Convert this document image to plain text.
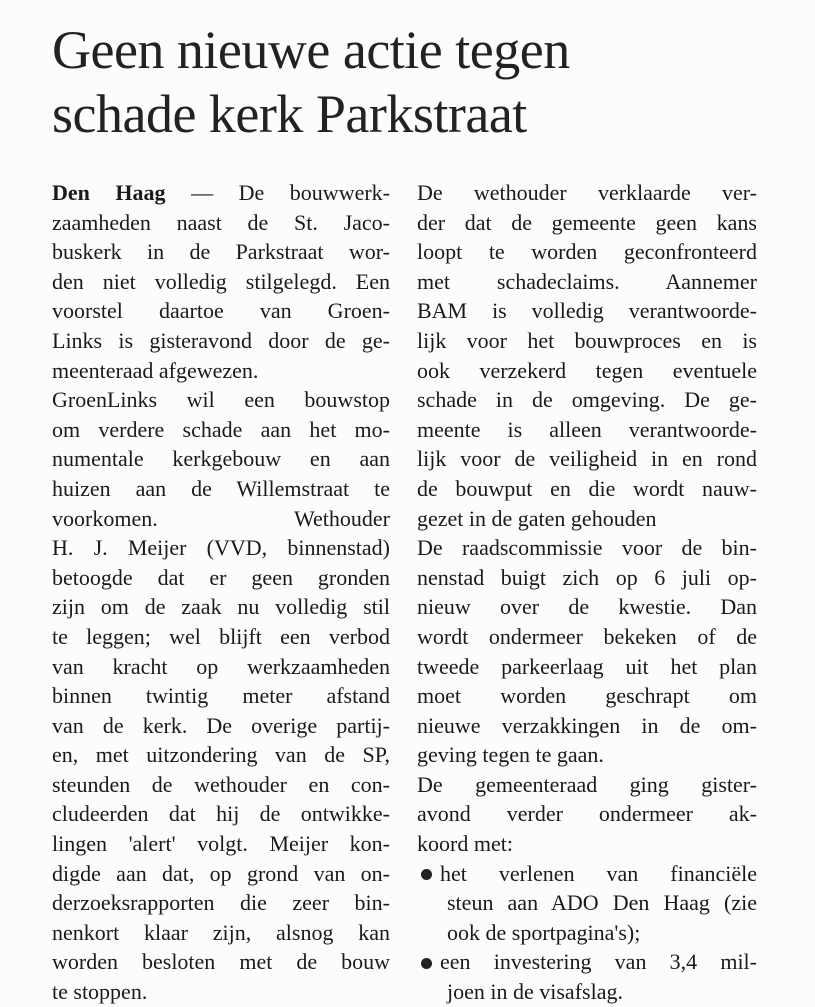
Geen nieuwe actie tegen
schade kerk Parkstraat
Den Haag — De bouwwerk-
zaamheden naast de St. Jaco-
buskerk in de Parkstraat wor-
den niet volledig stilgelegd. Een
voorstel daartoe van Groen-
Links is gisteravond door de ge-
meenteraad afgewezen.
GroenLinks wil een bouwstop
om verdere schade aan het mo-
numentale kerkgebouw en aan
huizen aan de Willemstraat te
voorkomen. Wethouder
H. J. Meijer (VVD, binnenstad)
betoogde dat er geen gronden
zijn om de zaak nu volledig stil
te leggen; wel blijft een verbod
van kracht op werkzaamheden
binnen twintig meter afstand
van de kerk. De overige partij-
en, met uitzondering van de SP,
steunden de wethouder en con-
cludeerden dat hij de ontwikke-
lingen 'alert' volgt. Meijer kon-
digde aan dat, op grond van on-
derzoeksrapporten die zeer bin-
nenkort klaar zijn, alsnog kan
worden besloten met de bouw
te stoppen.
De wethouder verklaarde ver-
der dat de gemeente geen kans
loopt te worden geconfronteerd
met schadeclaims. Aannemer
BAM is volledig verantwoorde-
lijk voor het bouwproces en is
ook verzekerd tegen eventuele
schade in de omgeving. De ge-
meente is alleen verantwoorde-
lijk voor de veiligheid in en rond
de bouwput en die wordt nauw-
gezet in de gaten gehouden
De raadscommissie voor de bin-
nenstad buigt zich op 6 juli op-
nieuw over de kwestie. Dan
wordt ondermeer bekeken of de
tweede parkeerlaag uit het plan
moet worden geschrapt om
nieuwe verzakkingen in de om-
geving tegen te gaan.
De gemeenteraad ging gister-
avond verder ondermeer ak-
koord met:
het verlenen van financiële
steun aan ADO Den Haag (zie
ook de sportpagina's);
een investering van 3,4 mil-
joen in de visafslag.
